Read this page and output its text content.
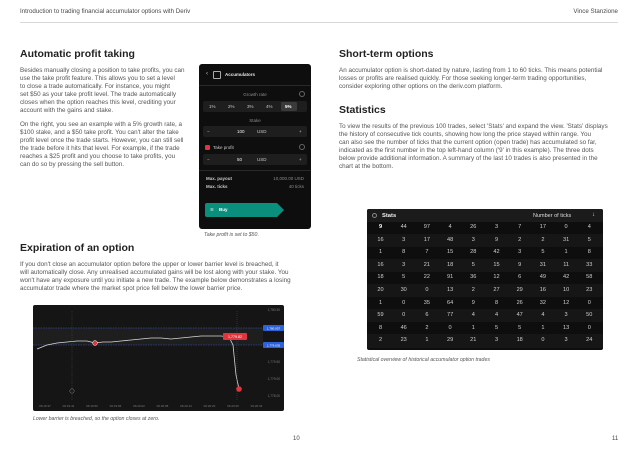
Introduction to trading financial accumulator options with Deriv	Vince Stanzione
Automatic profit taking
Besides manually closing a position to take profits, you can
use the take profit feature. This allows you to set a level
to close a trade automatically. For instance, you might
set $50 as your take profit level. The trade automatically
closes when the option reaches this level, crediting your
account with the gains and stake.
On the right, you see an example with a 5% growth rate, a
$100 stake, and a $50 take profit. You can't alter the take
profit level once the trade starts. However, you can still sell
the trade before it hits that level. For example, if the trade
reaches a $25 profit and you choose to take profits, you
can do so by pressing the sell button.
‹	Accumulators
Growth rate
1%	2%	3%	4%	5%
Stake
−	100	USD	+
Take profit
−	50	USD	+
Max. payout	10,000.00 USD
Max. ticks	40 ticks
☰ Buy
Take profit is set to $50.
Expiration of an option
If you don't close an accumulator option before the upper or lower barrier level is breached, it
will automatically close. Any unrealised accumulated gains will be lost along with your stake. You
won't have any exposure until you initiate a new trade. The example below demonstrates a losing
accumulator trade where the market spot price fell below the lower barrier price.
1,780.50
1,779.50
1,779.00
1,778.00
1,779.82
1,780.057
1,779.635
06:19:37	06:19:44	06:19:50	06:19:56	06:20:02	06:20:08	06:20:14	06:20:20	06:20:26	06:20:32
Lower barrier is breached, so the option closes at zero.
10
Short-term options
An accumulator option is short-dated by nature, lasting from 1 to 60 ticks. This means potential
losses or profits are realised quickly. For those seeking longer-term trading opportunities,
consider exploring other options on the deriv.com platform.
Statistics
To view the results of the previous 100 trades, select 'Stats' and expand the view. 'Stats' displays
the history of consecutive tick counts, showing how long the price stayed within range. You
can also see the number of ticks that the current option (open trade) has accumulated so far,
indicated as the first number in the top left-hand column ('9' in this example). The three dots
below provide additional information. A summary of the last 10 trades is also presented in the
chart at the bottom.
Stats	Number of ticks	↓
9	44	97	4	26	3	7	17	0	4
16	3	17	48	3	9	2	2	31	5
1	8	7	15	28	42	3	5	1	8
16	3	21	18	5	15	9	31	11	33
18	5	22	91	36	12	6	49	42	58
20	30	0	13	2	27	29	16	10	23
1	0	35	64	9	8	26	32	12	0
59	0	6	77	4	4	47	4	3	50
8	46	2	0	1	5	5	1	13	0
2	23	1	29	21	3	18	0	3	24
Statistical overview of historical accumulator option trades
11
